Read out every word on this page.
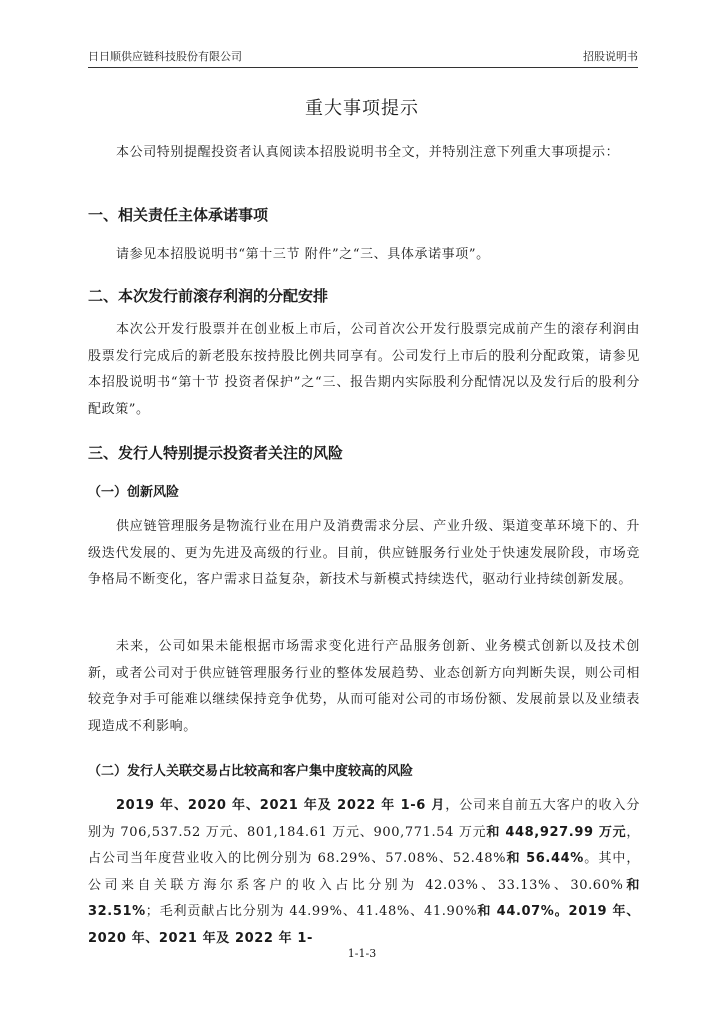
日日顺供应链科技股份有限公司	招股说明书
重大事项提示

本公司特别提醒投资者认真阅读本招股说明书全文，并特别注意下列重大事项提示：

一、相关责任主体承诺事项

请参见本招股说明书“第十三节 附件”之“三、具体承诺事项”。

二、本次发行前滚存利润的分配安排

本次公开发行股票并在创业板上市后，公司首次公开发行股票完成前产生的滚存利润由股票发行完成后的新老股东按持股比例共同享有。公司发行上市后的股利分配政策，请参见本招股说明书“第十节 投资者保护”之“三、报告期内实际股利分配情况以及发行后的股利分配政策”。

三、发行人特别提示投资者关注的风险
（一）创新风险

供应链管理服务是物流行业在用户及消费需求分层、产业升级、渠道变革环境下的、升级迭代发展的、更为先进及高级的行业。目前，供应链服务行业处于快速发展阶段，市场竞争格局不断变化，客户需求日益复杂，新技术与新模式持续迭代，驱动行业持续创新发展。

未来，公司如果未能根据市场需求变化进行产品服务创新、业务模式创新以及技术创新，或者公司对于供应链管理服务行业的整体发展趋势、业态创新方向判断失误，则公司相较竞争对手可能难以继续保持竞争优势，从而可能对公司的市场份额、发展前景以及业绩表现造成不利影响。

（二）发行人关联交易占比较高和客户集中度较高的风险

2019 年、2020 年、2021 年及 2022 年 1-6 月，公司来自前五大客户的收入分别为 706,537.52 万元、801,184.61 万元、900,771.54 万元和 448,927.99 万元，占公司当年度营业收入的比例分别为 68.29%、57.08%、52.48%和 56.44%。其中，公司来自关联方海尔系客户的收入占比分别为 42.03%、33.13%、30.60%和 32.51%；毛利贡献占比分别为 44.99%、41.48%、41.90%和 44.07%。2019 年、2020 年、2021 年及 2022 年 1-

1-1-3
